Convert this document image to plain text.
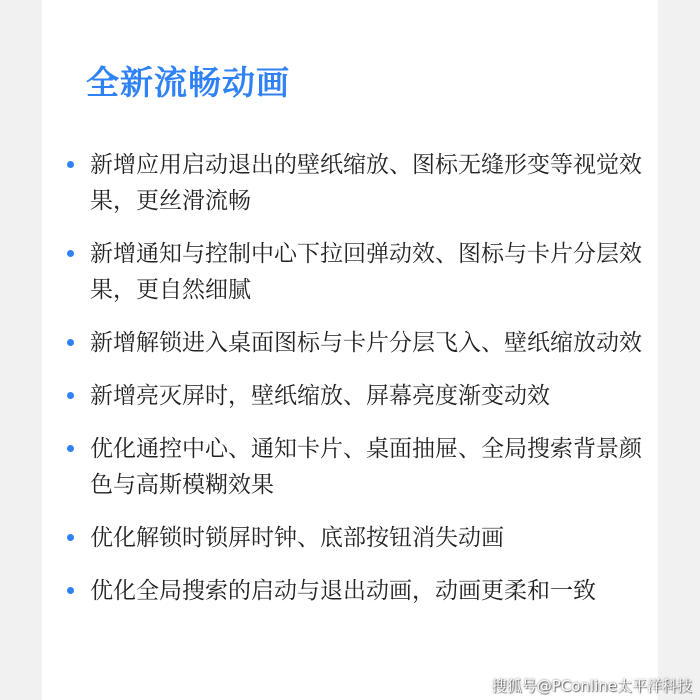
全新流畅动画
新增应用启动退出的壁纸缩放、图标无缝形变等视觉效果，更丝滑流畅
新增通知与控制中心下拉回弹动效、图标与卡片分层效果，更自然细腻
新增解锁进入桌面图标与卡片分层飞入、壁纸缩放动效
新增亮灭屏时，壁纸缩放、屏幕亮度渐变动效
优化通控中心、通知卡片、桌面抽屉、全局搜索背景颜色与高斯模糊效果
优化解锁时锁屏时钟、底部按钮消失动画
优化全局搜索的启动与退出动画，动画更柔和一致
搜狐号@PConline太平洋科技
